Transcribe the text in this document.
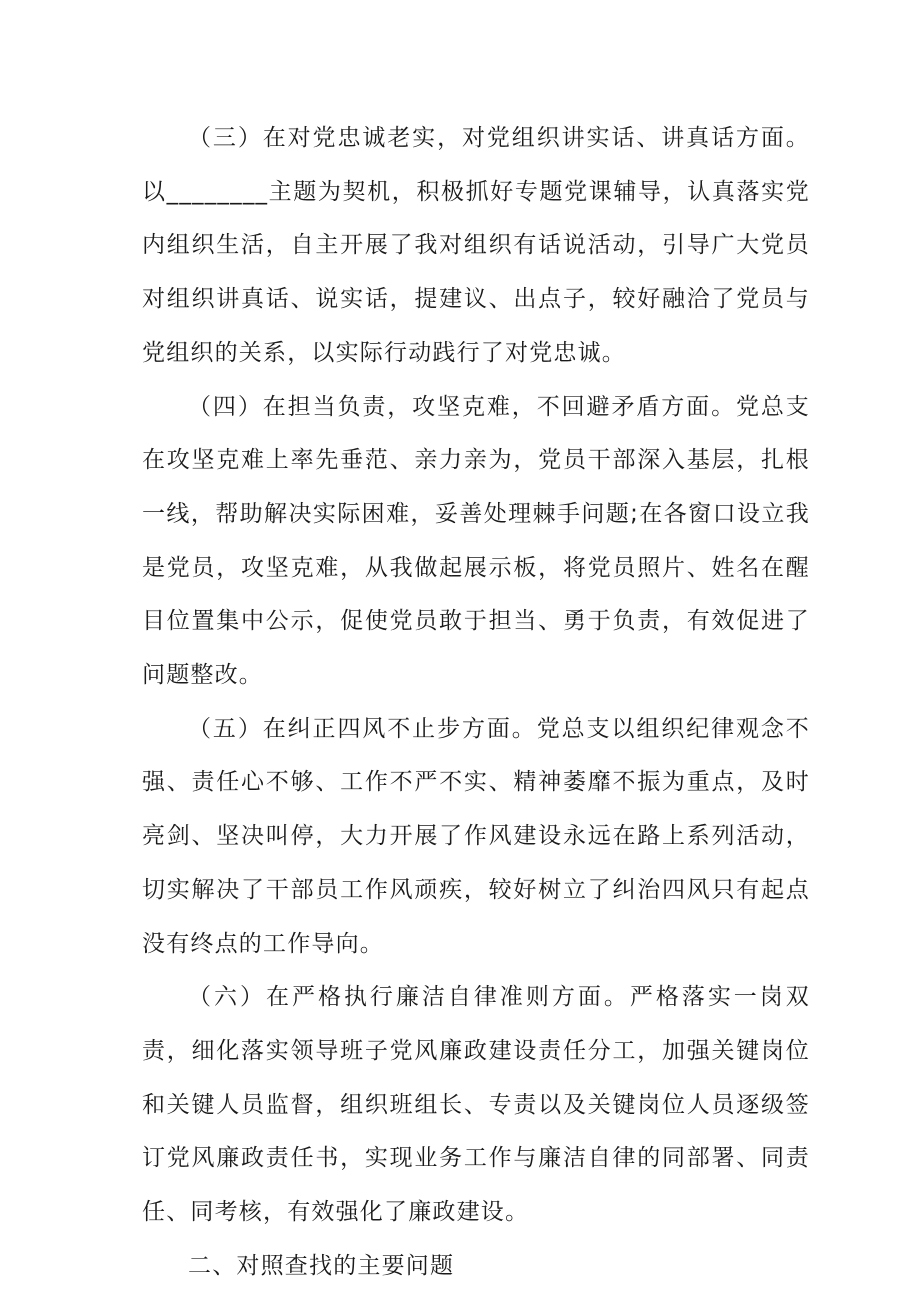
（三）在对党忠诚老实，对党组织讲实话、讲真话方面。以________主题为契机，积极抓好专题党课辅导，认真落实党内组织生活，自主开展了我对组织有话说活动，引导广大党员对组织讲真话、说实话，提建议、出点子，较好融洽了党员与党组织的关系，以实际行动践行了对党忠诚。

（四）在担当负责，攻坚克难，不回避矛盾方面。党总支在攻坚克难上率先垂范、亲力亲为，党员干部深入基层，扎根一线，帮助解决实际困难，妥善处理棘手问题;在各窗口设立我是党员，攻坚克难，从我做起展示板，将党员照片、姓名在醒目位置集中公示，促使党员敢于担当、勇于负责，有效促进了问题整改。

（五）在纠正四风不止步方面。党总支以组织纪律观念不强、责任心不够、工作不严不实、精神萎靡不振为重点，及时亮剑、坚决叫停，大力开展了作风建设永远在路上系列活动，切实解决了干部员工作风顽疾，较好树立了纠治四风只有起点没有终点的工作导向。

（六）在严格执行廉洁自律准则方面。严格落实一岗双责，细化落实领导班子党风廉政建设责任分工，加强关键岗位和关键人员监督，组织班组长、专责以及关键岗位人员逐级签订党风廉政责任书，实现业务工作与廉洁自律的同部署、同责任、同考核，有效强化了廉政建设。

二、对照查找的主要问题
